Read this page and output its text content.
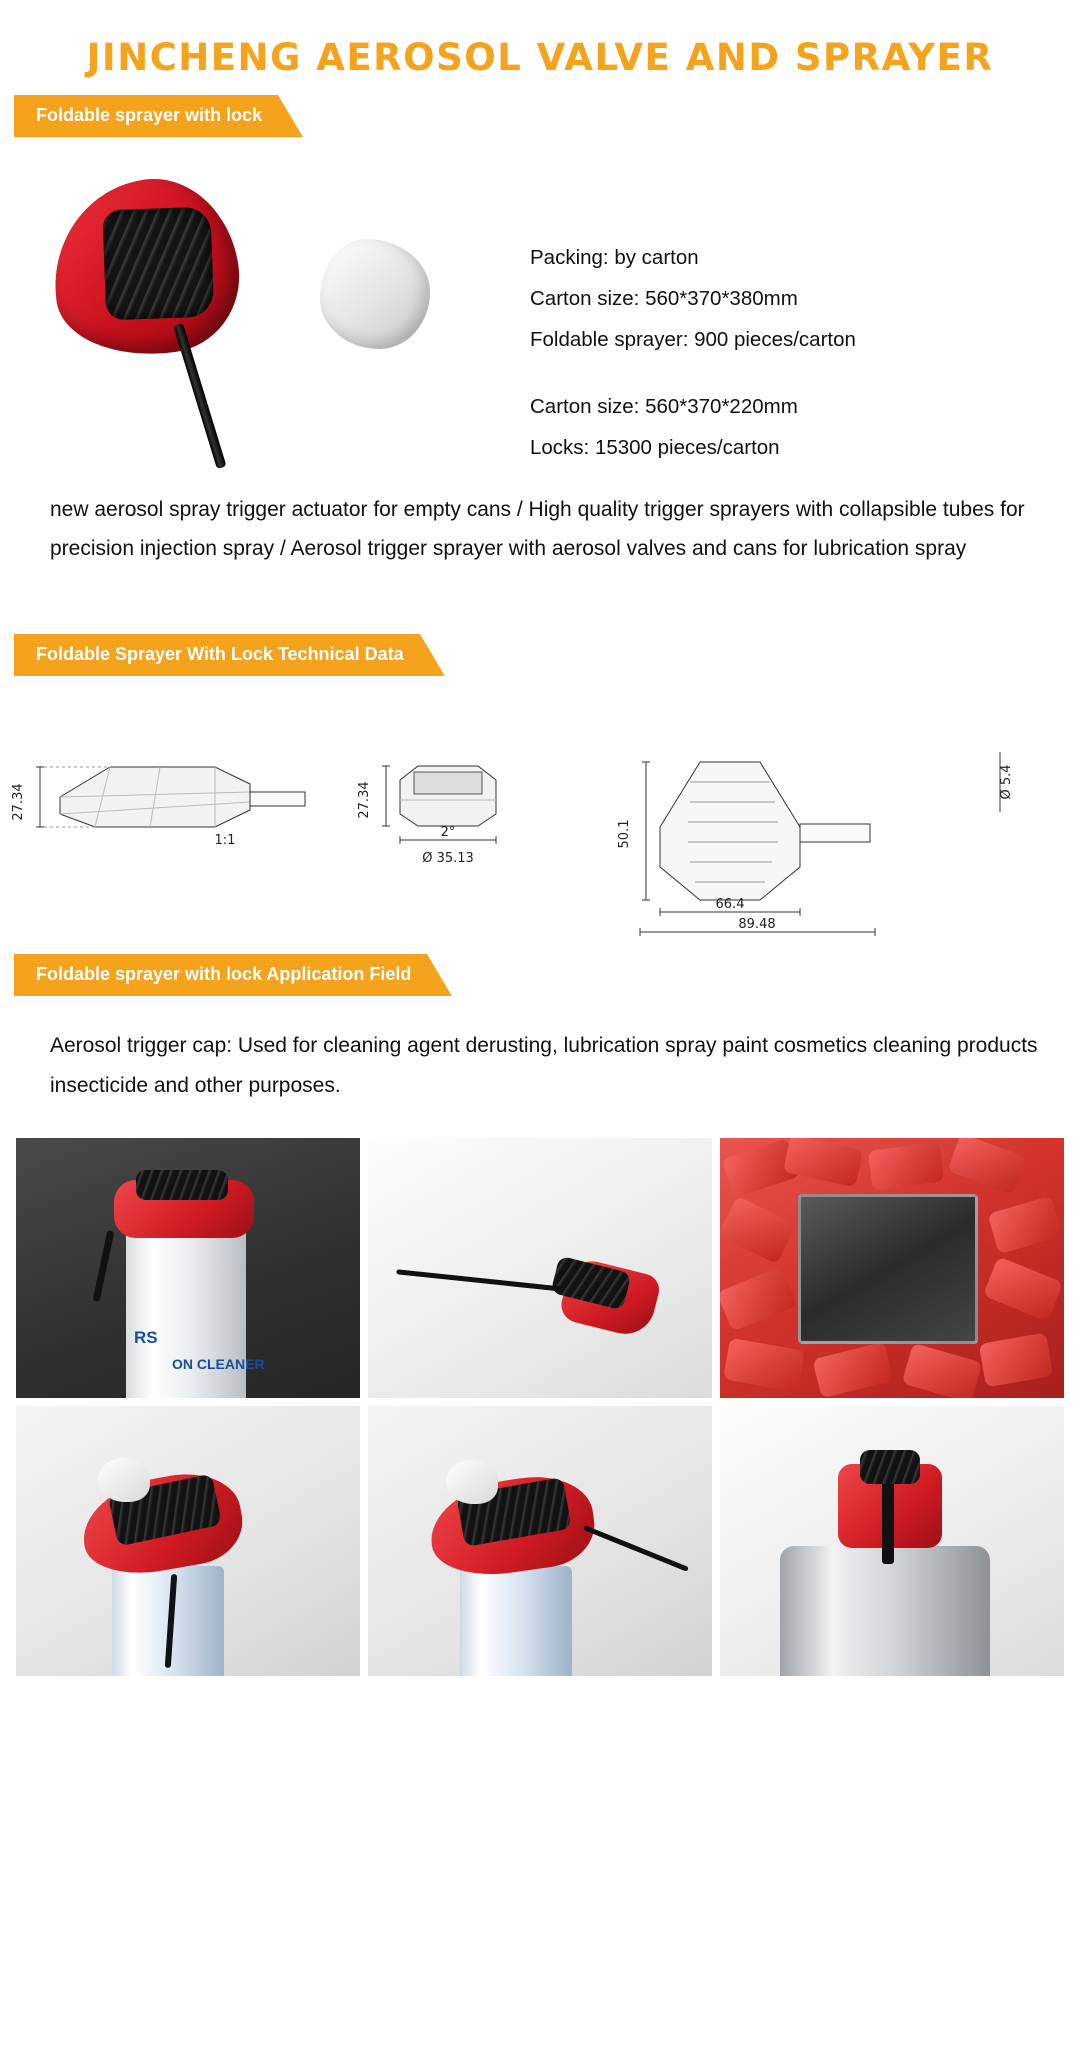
JINCHENG AEROSOL VALVE AND SPRAYER
Foldable sprayer with lock
Packing: by carton
Carton size: 560*370*380mm
Foldable sprayer: 900 pieces/carton
Carton size: 560*370*220mm
Locks: 15300 pieces/carton
new aerosol spray trigger actuator for empty cans / High quality trigger sprayers with collapsible tubes for precision injection spray / Aerosol trigger sprayer with aerosol valves and cans for lubrication spray
Foldable Sprayer With Lock Technical Data
27.34
1:1
27.34
2°
Ø 35.13
50.1
Ø 5.4
66.4
89.48
Foldable sprayer with lock Application Field
Aerosol trigger cap: Used for cleaning agent derusting, lubrication spray paint cosmetics cleaning products insecticide and other purposes.
RS
ON CLEANER
